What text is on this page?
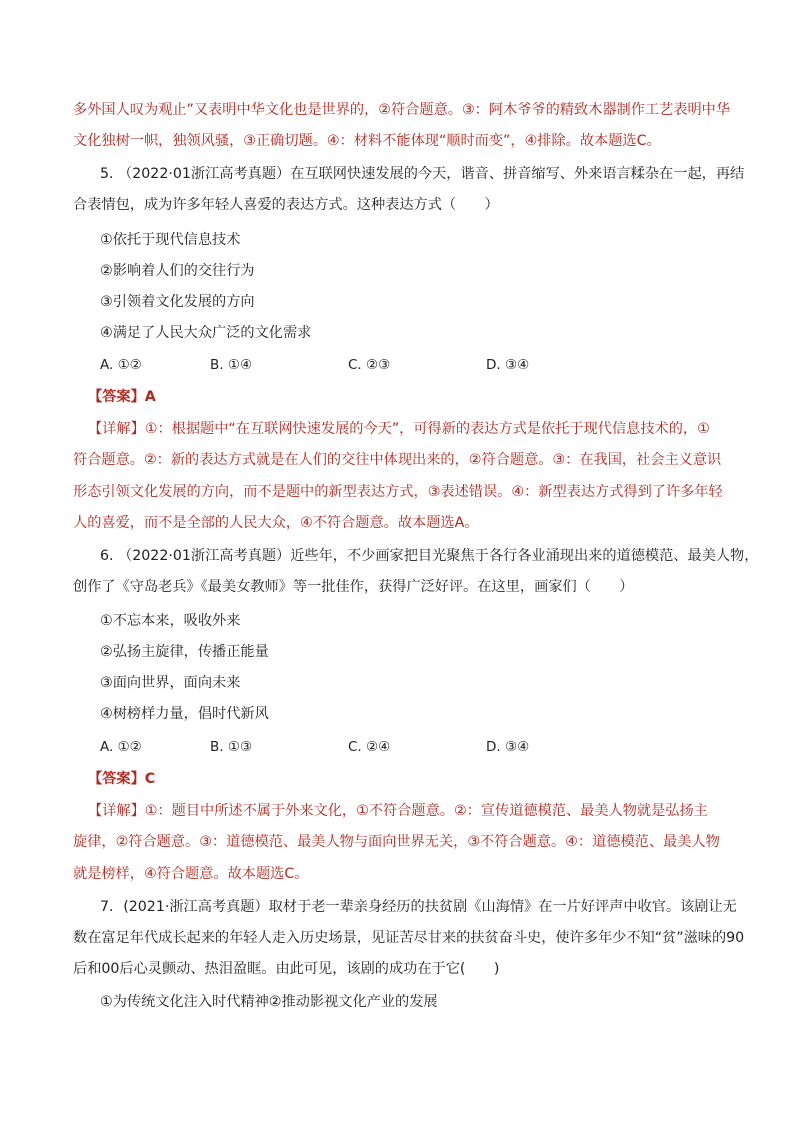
多外国人叹为观止”又表明中华文化也是世界的，②符合题意。③：阿木爷爷的精致木器制作工艺表明中华
文化独树一帜，独领风骚，③正确切题。④：材料不能体现“顺时而变”，④排除。故本题选C。
5. （2022·01浙江高考真题）在互联网快速发展的今天，谐音、拼音缩写、外来语言糅杂在一起，再结
合表情包，成为许多年轻人喜爱的表达方式。这种表达方式（　　）
①依托于现代信息技术
②影响着人们的交往行为
③引领着文化发展的方向
④满足了人民大众广泛的文化需求
A. ①②	B. ①④	C. ②③	D. ③④
【答案】A
【详解】①：根据题中“在互联网快速发展的今天”，可得新的表达方式是依托于现代信息技术的，①
符合题意。②：新的表达方式就是在人们的交往中体现出来的，②符合题意。③：在我国，社会主义意识
形态引领文化发展的方向，而不是题中的新型表达方式，③表述错误。④：新型表达方式得到了许多年轻
人的喜爱，而不是全部的人民大众，④不符合题意。故本题选A。
6. （2022·01浙江高考真题）近些年，不少画家把目光聚焦于各行各业涌现出来的道德模范、最美人物，
创作了《守岛老兵》《最美女教师》等一批佳作，获得广泛好评。在这里，画家们（　　）
①不忘本来，吸收外来
②弘扬主旋律，传播正能量
③面向世界，面向未来
④树榜样力量，倡时代新风
A. ①②	B. ①③	C. ②④	D. ③④
【答案】C
【详解】①：题目中所述不属于外来文化，①不符合题意。②：宣传道德模范、最美人物就是弘扬主
旋律，②符合题意。③：道德模范、最美人物与面向世界无关，③不符合题意。④：道德模范、最美人物
就是榜样，④符合题意。故本题选C。
7．(2021·浙江高考真题）取材于老一辈亲身经历的扶贫剧《山海情》在一片好评声中收官。该剧让无
数在富足年代成长起来的年轻人走入历史场景，见证苦尽甘来的扶贫奋斗史，使许多年少不知“贫”滋味的90
后和00后心灵颤动、热泪盈眶。由此可见，该剧的成功在于它(　　)
①为传统文化注入时代精神②推动影视文化产业的发展
